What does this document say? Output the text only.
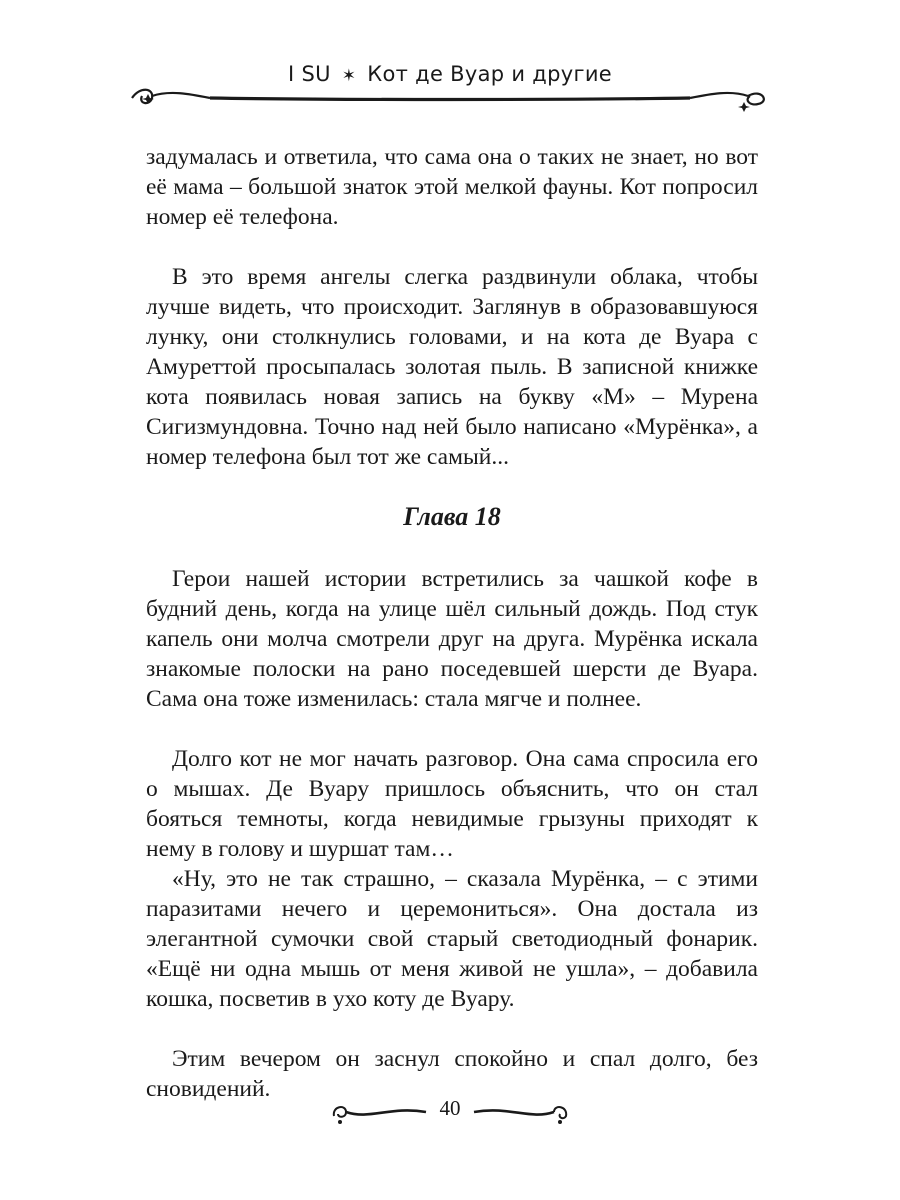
I SU ✶ Кот де Вуар и другие

задумалась и ответила, что сама она о таких не знает, но вот её мама – большой знаток этой мелкой фауны. Кот попросил номер её телефона.

В это время ангелы слегка раздвинули облака, чтобы лучше видеть, что происходит. Заглянув в образовавшуюся лунку, они столкнулись головами, и на кота де Вуара с Амуреттой просыпалась золотая пыль. В записной книжке кота появилась новая запись на букву «М» – Мурена Сигизмундовна. Точно над ней было написано «Мурёнка», а номер телефона был тот же самый...

Глава 18

Герои нашей истории встретились за чашкой кофе в будний день, когда на улице шёл сильный дождь. Под стук капель они молча смотрели друг на друга. Мурёнка искала знакомые полоски на рано поседевшей шерсти де Вуара. Сама она тоже изменилась: стала мягче и полнее.

Долго кот не мог начать разговор. Она сама спросила его о мышах. Де Вуару пришлось объяснить, что он стал бояться темноты, когда невидимые грызуны приходят к нему в голову и шуршат там…

«Ну, это не так страшно, – сказала Мурёнка, – с этими паразитами нечего и церемониться». Она достала из элегантной сумочки свой старый светодиодный фонарик. «Ещё ни одна мышь от меня живой не ушла», – добавила кошка, посветив в ухо коту де Вуару.

Этим вечером он заснул спокойно и спал долго, без сновидений.

40
